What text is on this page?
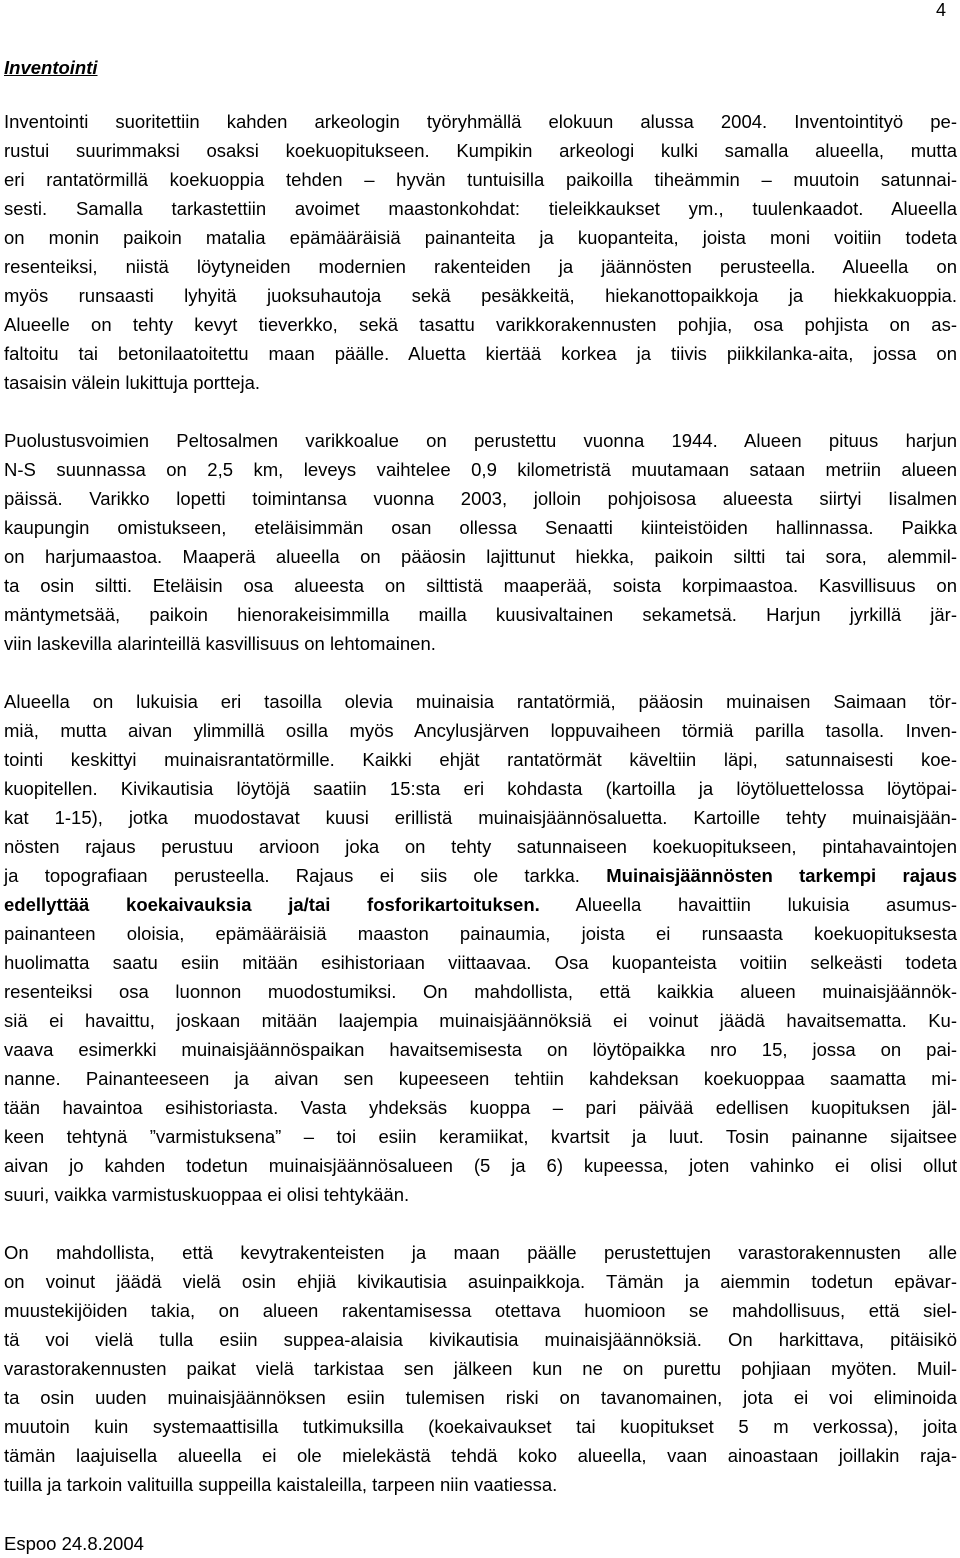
4
Inventointi

Inventointi suoritettiin kahden arkeologin työryhmällä elokuun alussa 2004. Inventointityö pe-
rustui suurimmaksi osaksi koekuopitukseen. Kumpikin arkeologi kulki samalla alueella, mutta
eri rantatörmillä koekuoppia tehden – hyvän tuntuisilla paikoilla tiheämmin – muutoin satunnai-
sesti. Samalla tarkastettiin avoimet maastonkohdat: tieleikkaukset ym., tuulenkaadot. Alueella
on monin paikoin matalia epämääräisiä painanteita ja kuopanteita, joista moni voitiin todeta
resenteiksi, niistä löytyneiden modernien rakenteiden ja jäännösten perusteella. Alueella on
myös runsaasti lyhyitä juoksuhautoja sekä pesäkkeitä, hiekanottopaikkoja ja hiekkakuoppia.
Alueelle on tehty kevyt tieverkko, sekä tasattu varikkorakennusten pohjia, osa pohjista on as-
faltoitu tai betonilaatoitettu maan päälle. Aluetta kiertää korkea ja tiivis piikkilanka-aita, jossa on
tasaisin välein lukittuja portteja.

Puolustusvoimien Peltosalmen varikkoalue on perustettu vuonna 1944. Alueen pituus harjun
N-S suunnassa on 2,5 km, leveys vaihtelee 0,9 kilometristä muutamaan sataan metriin alueen
päissä. Varikko lopetti toimintansa vuonna 2003, jolloin pohjoisosa alueesta siirtyi Iisalmen
kaupungin omistukseen, eteläisimmän osan ollessa Senaatti kiinteistöiden hallinnassa. Paikka
on harjumaastoa. Maaperä alueella on pääosin lajittunut hiekka, paikoin siltti tai sora, alemmil-
ta osin siltti. Eteläisin osa alueesta on silttistä maaperää, soista korpimaastoa. Kasvillisuus on
mäntymetsää, paikoin hienorakeisimmilla mailla kuusivaltainen sekametsä. Harjun jyrkillä jär-
viin laskevilla alarinteillä kasvillisuus on lehtomainen.

Alueella on lukuisia eri tasoilla olevia muinaisia rantatörmiä, pääosin muinaisen Saimaan tör-
miä, mutta aivan ylimmillä osilla myös Ancylusjärven loppuvaiheen törmiä parilla tasolla. Inven-
tointi keskittyi muinaisrantatörmille. Kaikki ehjät rantatörmät käveltiin läpi, satunnaisesti koe-
kuopitellen. Kivikautisia löytöjä saatiin 15:sta eri kohdasta (kartoilla ja löytöluettelossa löytöpai-
kat 1-15), jotka muodostavat kuusi erillistä muinaisjäännösaluetta. Kartoille tehty muinaisjään-
nösten rajaus perustuu arvioon joka on tehty satunnaiseen koekuopitukseen, pintahavaintojen
ja topografiaan perusteella. Rajaus ei siis ole tarkka. Muinaisjäännösten tarkempi rajaus
edellyttää koekaivauksia ja/tai fosforikartoituksen. Alueella havaittiin lukuisia asumus-
painanteen oloisia, epämääräisiä maaston painaumia, joista ei runsaasta koekuopituksesta
huolimatta saatu esiin mitään esihistoriaan viittaavaa. Osa kuopanteista voitiin selkeästi todeta
resenteiksi osa luonnon muodostumiksi. On mahdollista, että kaikkia alueen muinaisjäännök-
siä ei havaittu, joskaan mitään laajempia muinaisjäännöksiä ei voinut jäädä havaitsematta. Ku-
vaava esimerkki muinaisjäännöspaikan havaitsemisesta on löytöpaikka nro 15, jossa on pai-
nanne. Painanteeseen ja aivan sen kupeeseen tehtiin kahdeksan koekuoppaa saamatta mi-
tään havaintoa esihistoriasta. Vasta yhdeksäs kuoppa – pari päivää edellisen kuopituksen jäl-
keen tehtynä ”varmistuksena” – toi esiin keramiikat, kvartsit ja luut. Tosin painanne sijaitsee
aivan jo kahden todetun muinaisjäännösalueen (5 ja 6) kupeessa, joten vahinko ei olisi ollut
suuri, vaikka varmistuskuoppaa ei olisi tehtykään.

On mahdollista, että kevytrakenteisten ja maan päälle perustettujen varastorakennusten alle
on voinut jäädä vielä osin ehjiä kivikautisia asuinpaikkoja. Tämän ja aiemmin todetun epävar-
muustekijöiden takia, on alueen rakentamisessa otettava huomioon se mahdollisuus, että siel-
tä voi vielä tulla esiin suppea-alaisia kivikautisia muinaisjäännöksiä. On harkittava, pitäisikö
varastorakennusten paikat vielä tarkistaa sen jälkeen kun ne on purettu pohjiaan myöten. Muil-
ta osin uuden muinaisjäännöksen esiin tulemisen riski on tavanomainen, jota ei voi eliminoida
muutoin kuin systemaattisilla tutkimuksilla (koekaivaukset tai kuopitukset 5 m verkossa), joita
tämän laajuisella alueella ei ole mielekästä tehdä koko alueella, vaan ainoastaan joillakin raja-
tuilla ja tarkoin valituilla suppeilla kaistaleilla, tarpeen niin vaatiessa.

Espoo 24.8.2004
